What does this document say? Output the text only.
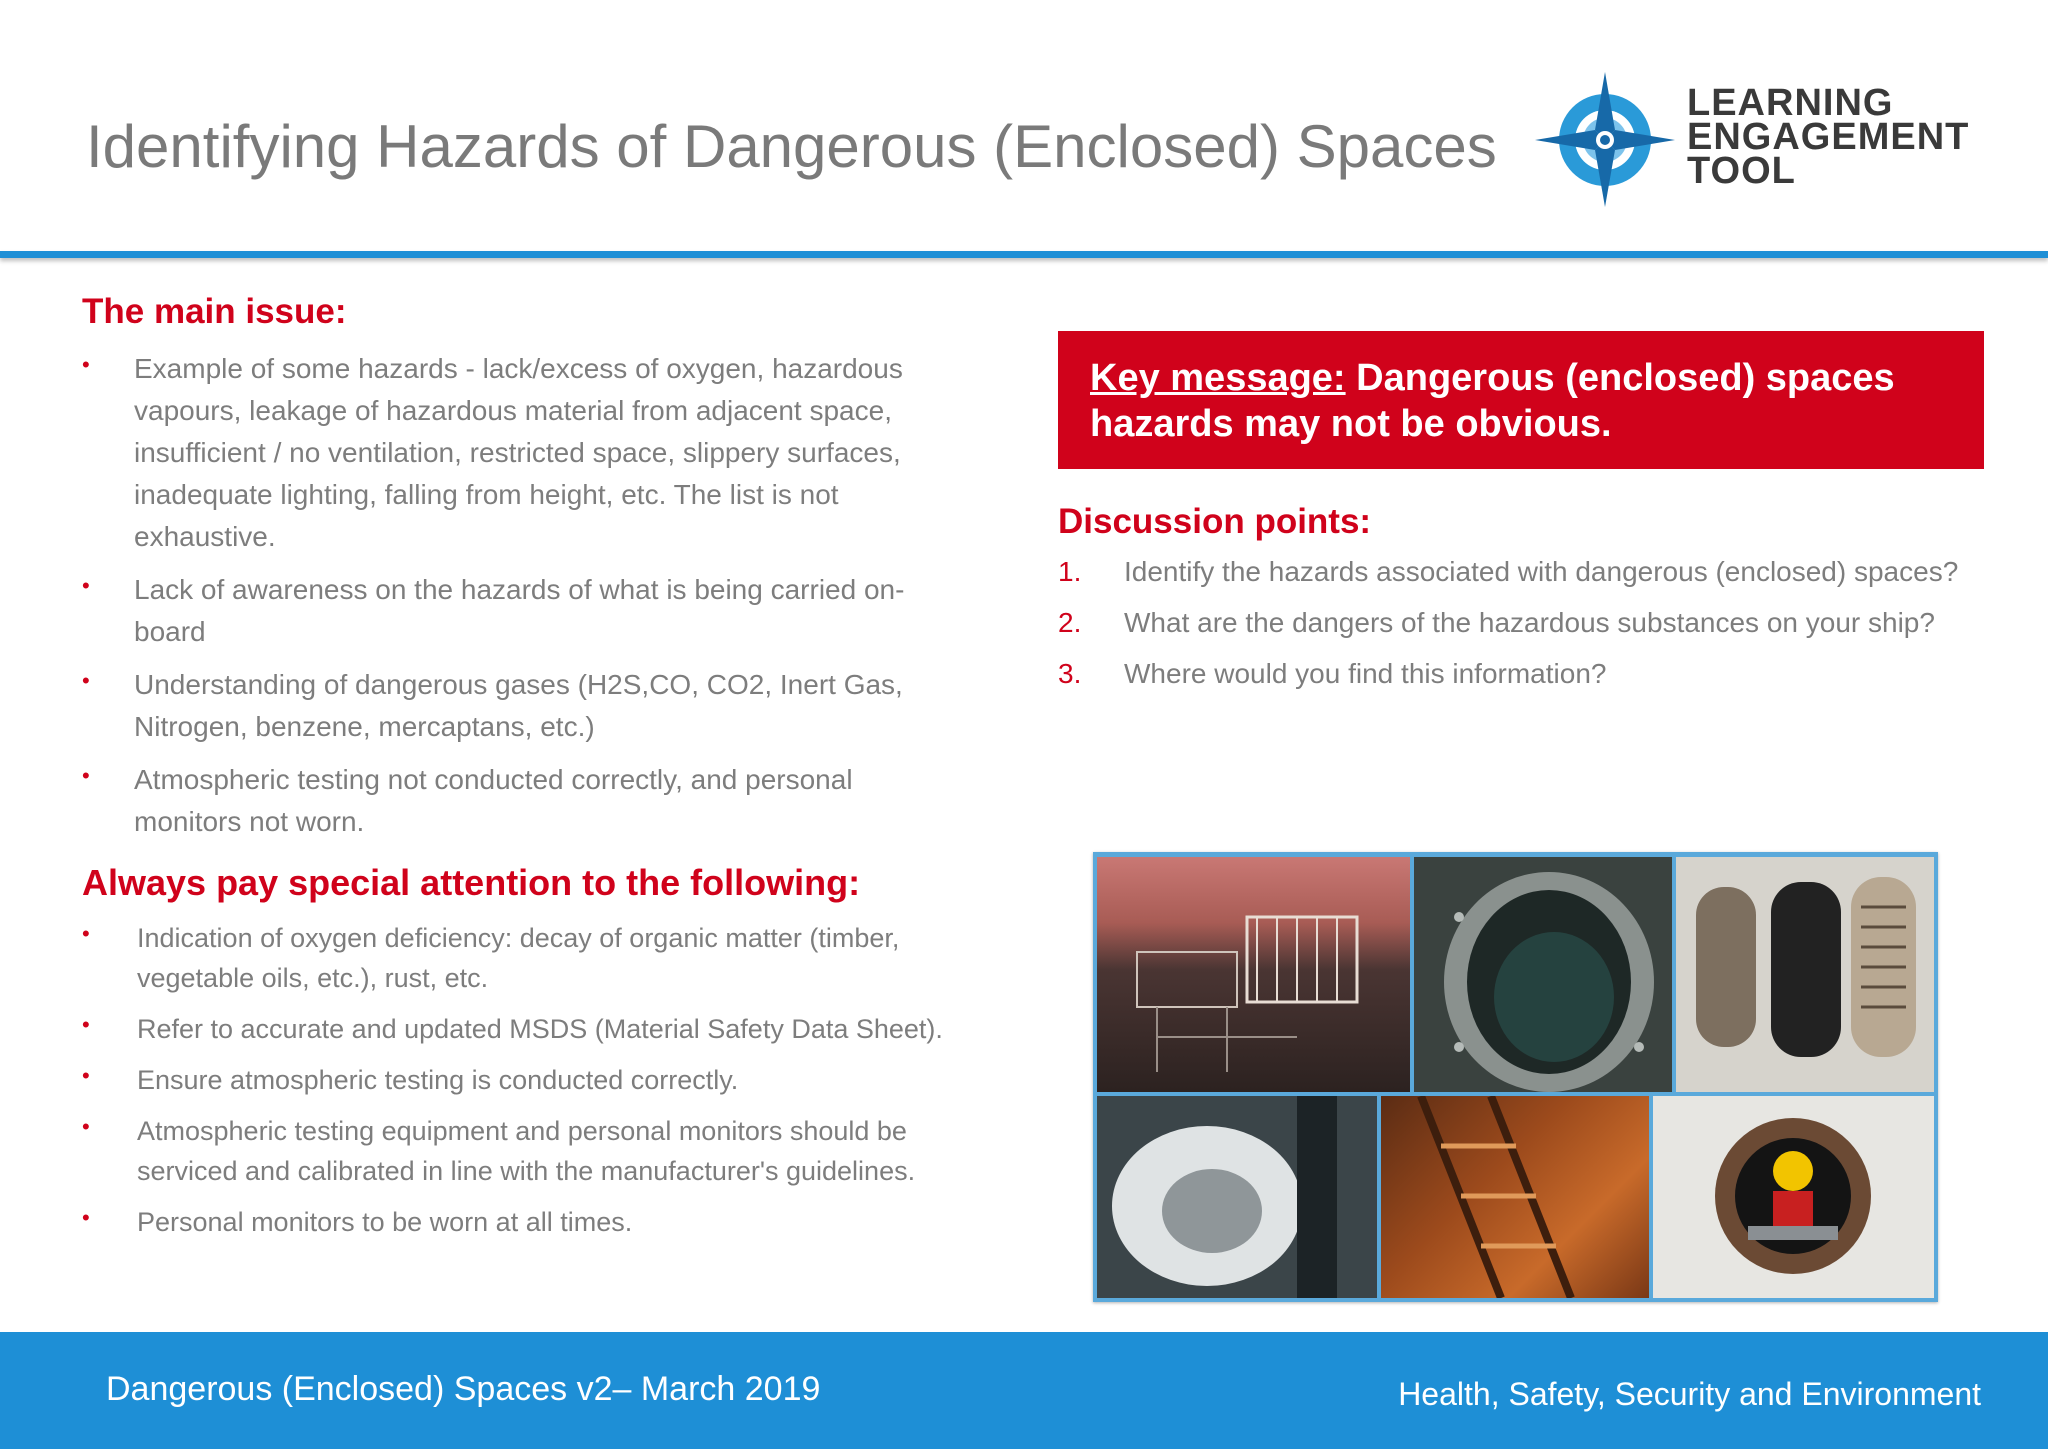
Identifying Hazards of Dangerous (Enclosed) Spaces
LEARNING
ENGAGEMENT
TOOL
The main issue:
• Example of some hazards - lack/excess of oxygen, hazardous vapours, leakage of hazardous material from adjacent space, insufficient / no ventilation, restricted space, slippery surfaces, inadequate lighting, falling from height, etc. The list is not exhaustive.
• Lack of awareness on the hazards of what is being carried on-board
• Understanding of dangerous gases (H2S,CO, CO2, Inert Gas, Nitrogen, benzene, mercaptans, etc.)
• Atmospheric testing not conducted correctly, and personal monitors not worn.
Always pay special attention to the following:
• Indication of oxygen deficiency: decay of organic matter (timber, vegetable oils, etc.), rust, etc.
• Refer to accurate and updated MSDS (Material Safety Data Sheet).
• Ensure atmospheric testing is conducted correctly.
• Atmospheric testing equipment and personal monitors should be serviced and calibrated in line with the manufacturer's guidelines.
• Personal monitors to be worn at all times.
Key message: Dangerous (enclosed) spaces hazards may not be obvious.
Discussion points:
1. Identify the hazards associated with dangerous (enclosed) spaces?
2. What are the dangers of the hazardous substances on your ship?
3. Where would you find this information?
Dangerous (Enclosed) Spaces v2– March 2019	Health, Safety, Security and Environment
